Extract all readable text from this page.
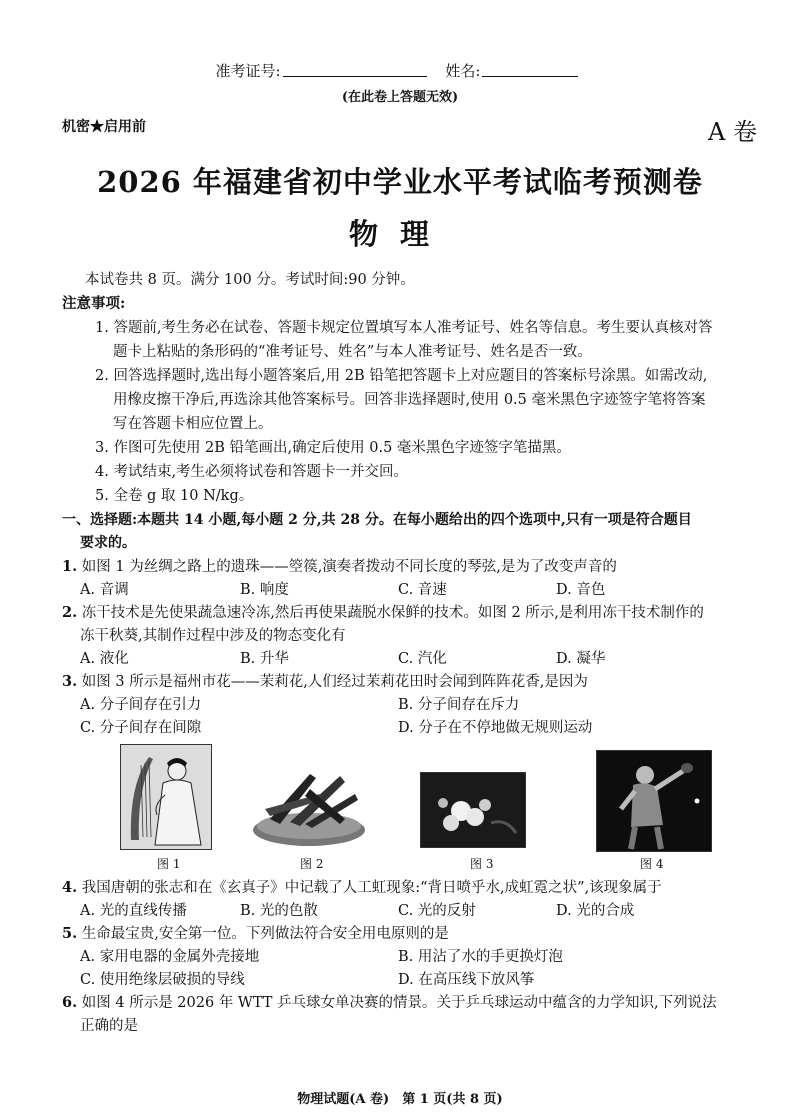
准考证号:	姓名:
(在此卷上答题无效)
机密★启用前	A 卷
2026 年福建省初中学业水平考试临考预测卷
物理
本试卷共 8 页。满分 100 分。考试时间:90 分钟。
注意事项:
1. 答题前,考生务必在试卷、答题卡规定位置填写本人准考证号、姓名等信息。考生要认真核对答
题卡上粘贴的条形码的“准考证号、姓名”与本人准考证号、姓名是否一致。
2. 回答选择题时,选出每小题答案后,用 2B 铅笔把答题卡上对应题目的答案标号涂黑。如需改动,
用橡皮擦干净后,再选涂其他答案标号。回答非选择题时,使用 0.5 毫米黑色字迹签字笔将答案
写在答题卡相应位置上。
3. 作图可先使用 2B 铅笔画出,确定后使用 0.5 毫米黑色字迹签字笔描黑。
4. 考试结束,考生必须将试卷和答题卡一并交回。
5. 全卷 g 取 10 N/kg。
一、选择题:本题共 14 小题,每小题 2 分,共 28 分。在每小题给出的四个选项中,只有一项是符合题目
要求的。
1. 如图 1 为丝绸之路上的遗珠——箜篌,演奏者拨动不同长度的琴弦,是为了改变声音的
A. 音调	B. 响度	C. 音速	D. 音色
2. 冻干技术是先使果蔬急速冷冻,然后再使果蔬脱水保鲜的技术。如图 2 所示,是利用冻干技术制作的
冻干秋葵,其制作过程中涉及的物态变化有
A. 液化	B. 升华	C. 汽化	D. 凝华
3. 如图 3 所示是福州市花——茉莉花,人们经过茉莉花田时会闻到阵阵花香,是因为
A. 分子间存在引力	B. 分子间存在斥力
C. 分子间存在间隙	D. 分子在不停地做无规则运动
图 1	图 2	图 3	图 4
4. 我国唐朝的张志和在《玄真子》中记载了人工虹现象:“背日喷乎水,成虹霓之状”,该现象属于
A. 光的直线传播	B. 光的色散	C. 光的反射	D. 光的合成
5. 生命最宝贵,安全第一位。下列做法符合安全用电原则的是
A. 家用电器的金属外壳接地	B. 用沾了水的手更换灯泡
C. 使用绝缘层破损的导线	D. 在高压线下放风筝
6. 如图 4 所示是 2026 年 WTT 乒乓球女单决赛的情景。关于乒乓球运动中蕴含的力学知识,下列说法
正确的是
物理试题(A 卷)　第 1 页(共 8 页)
